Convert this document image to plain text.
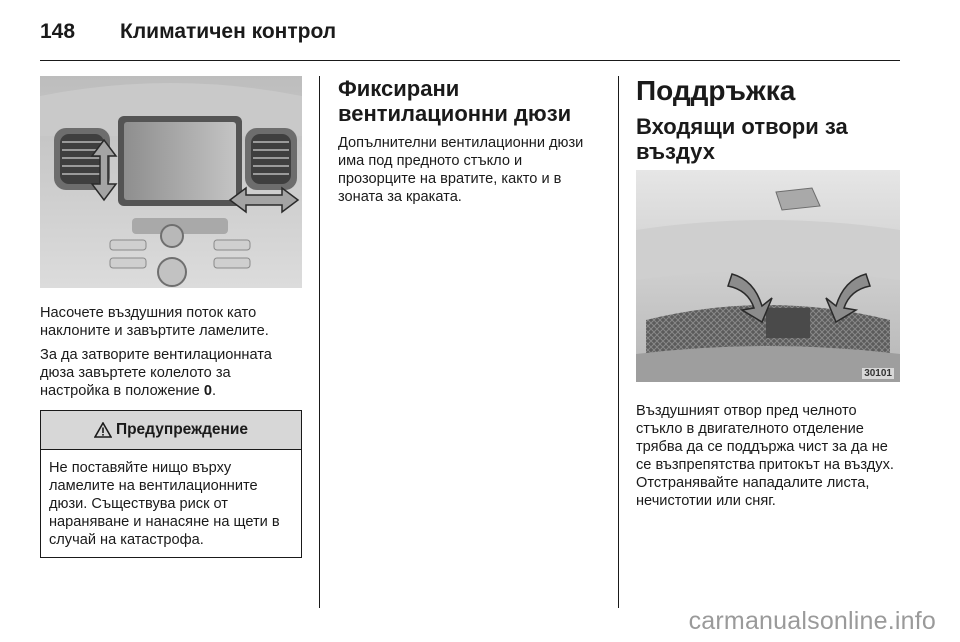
148 Климатичен контрол

Насочете въздушния поток като наклоните и завъртите ламелите.

За да затворите вентилационната дюза завъртете колелото за настройка в положение 0.

Предупреждение
Не поставяйте нищо върху ламелите на вентилационните дюзи. Съществува риск от нараняване и нанасяне на щети в случай на катастрофа.
Фиксирани вентилационни дюзи

Допълнителни вентилационни дюзи има под предното стъкло и прозорците на вратите, както и в зоната за краката.

Поддръжка
Входящи отвори за въздух
30101

Въздушният отвор пред челното стъкло в двигателното отделение трябва да се поддържа чист за да не се възпрепятства притокът на въздух. Отстранявайте нападалите листа, нечистотии или сняг.

carmanualsonline.info
